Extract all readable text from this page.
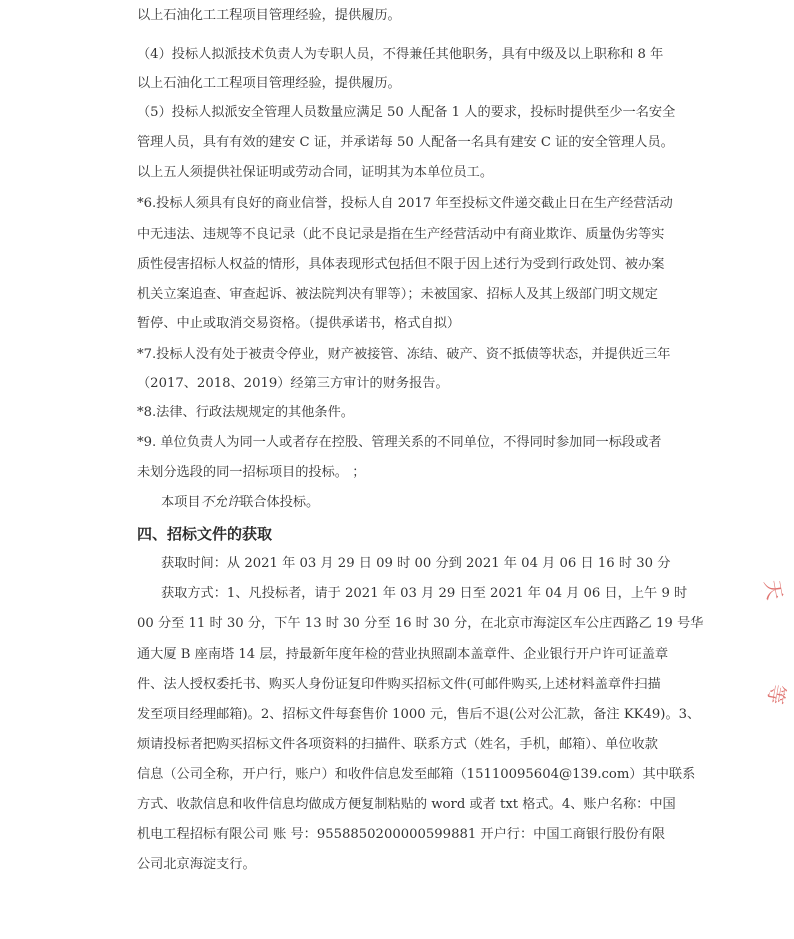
以上石油化工工程项目管理经验，提供履历。
（4）投标人拟派技术负责人为专职人员，不得兼任其他职务，具有中级及以上职称和 8 年
以上石油化工工程项目管理经验，提供履历。
（5）投标人拟派安全管理人员数量应满足 50 人配备 1 人的要求，投标时提供至少一名安全
管理人员，具有有效的建安 C 证，并承诺每 50 人配备一名具有建安 C 证的安全管理人员。
以上五人须提供社保证明或劳动合同，证明其为本单位员工。
*6.投标人须具有良好的商业信誉，投标人自 2017 年至投标文件递交截止日在生产经营活动
中无违法、违规等不良记录（此不良记录是指在生产经营活动中有商业欺诈、质量伪劣等实
质性侵害招标人权益的情形，具体表现形式包括但不限于因上述行为受到行政处罚、被办案
机关立案追查、审查起诉、被法院判决有罪等）；未被国家、招标人及其上级部门明文规定
暂停、中止或取消交易资格。（提供承诺书，格式自拟）
*7.投标人没有处于被责令停业，财产被接管、冻结、破产、资不抵债等状态，并提供近三年
（2017、2018、2019）经第三方审计的财务报告。
*8.法律、行政法规规定的其他条件。
*9. 单位负责人为同一人或者存在控股、管理关系的不同单位，不得同时参加同一标段或者
未划分选段的同一招标项目的投标。 ；
本项目不允许联合体投标。
四、招标文件的获取
获取时间：从 2021 年 03 月 29 日 09 时 00 分到 2021 年 04 月 06 日 16 时 30 分
获取方式：1、凡投标者，请于 2021 年 03 月 29 日至 2021 年 04 月 06 日，上午 9 时
00 分至 11 时 30 分，下午 13 时 30 分至 16 时 30 分，在北京市海淀区车公庄西路乙 19 号华
通大厦 B 座南塔 14 层，持最新年度年检的营业执照副本盖章件、企业银行开户许可证盖章
件、法人授权委托书、购买人身份证复印件购买招标文件(可邮件购买,上述材料盖章件扫描
发至项目经理邮箱)。2、招标文件每套售价 1000 元，售后不退(公对公汇款，备注 KK49)。3、
烦请投标者把购买招标文件各项资料的扫描件、联系方式（姓名，手机，邮箱）、单位收款
信息（公司全称，开户行，账户）和收件信息发至邮箱（15110095604@139.com）其中联系
方式、收款信息和收件信息均做成方便复制粘贴的 word 或者 txt 格式。4、账户名称：中国
机电工程招标有限公司 账 号：9558850200000599881 开户行：中国工商银行股份有限
公司北京海淀支行。
天
等
